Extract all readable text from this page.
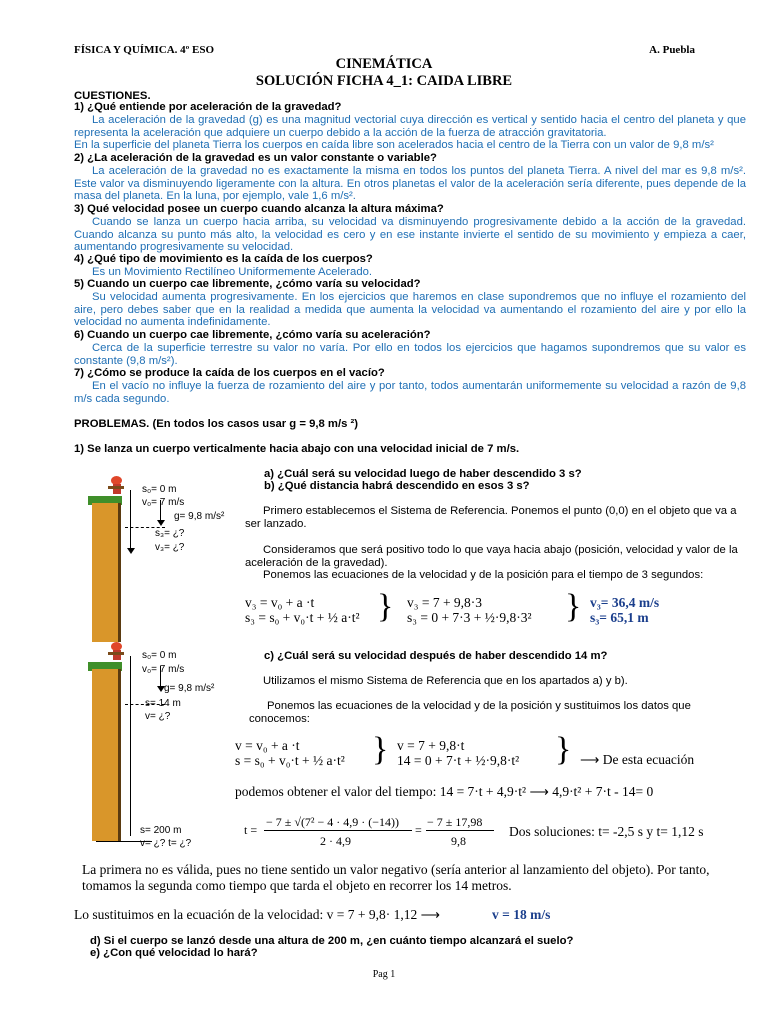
FÍSICA Y QUÍMICA. 4º ESO	A. Puebla
CINEMÁTICA
SOLUCIÓN FICHA 4_1: CAIDA LIBRE
CUESTIONES.
1) ¿Qué entiende por aceleración de la gravedad?
La aceleración de la gravedad (g) es una magnitud vectorial cuya dirección es vertical y sentido hacia el centro del planeta y que representa la aceleración que adquiere un cuerpo debido a la acción de la fuerza de atracción gravitatoria.
En la superficie del planeta Tierra los cuerpos en caída libre son acelerados hacia el centro de la Tierra con un valor de 9,8 m/s²
2) ¿La aceleración de la gravedad es un valor constante o variable?
La aceleración de la gravedad no es exactamente la misma en todos los puntos del planeta Tierra. A nivel del mar es 9,8 m/s². Este valor va disminuyendo ligeramente con la altura. En otros planetas el valor de la aceleración sería diferente, pues depende de la masa del planeta. En la luna, por ejemplo, vale 1,6 m/s².
3) Qué velocidad posee un cuerpo cuando alcanza la altura máxima?
Cuando se lanza un cuerpo hacia arriba, su velocidad va disminuyendo progresivamente debido a la acción de la gravedad. Cuando alcanza su punto más alto, la velocidad es cero y en ese instante invierte el sentido de su movimiento y empieza a caer, aumentando progresivamente su velocidad.
4) ¿Qué tipo de movimiento es la caída de los cuerpos?
Es un Movimiento Rectilíneo Uniformemente Acelerado.
5) Cuando un cuerpo cae libremente, ¿cómo varía su velocidad?
Su velocidad aumenta progresivamente. En los ejercicios que haremos en clase supondremos que no influye el rozamiento del aire, pero debes saber que en la realidad a medida que aumenta la velocidad va aumentando el rozamiento del aire y por ello la velocidad no aumenta indefinidamente.
6) Cuando un cuerpo cae libremente, ¿cómo varía su aceleración?
Cerca de la superficie terrestre su valor no varía. Por ello en todos los ejercicios que hagamos supondremos que su valor es constante (9,8 m/s²).
7) ¿Cómo se produce la caída de los cuerpos en el vacío?
En el vacío no influye la fuerza de rozamiento del aire y por tanto, todos aumentarán uniformemente su velocidad a razón de 9,8 m/s cada segundo.
PROBLEMAS. (En todos los casos usar g = 9,8 m/s ²)
1) Se lanza un cuerpo verticalmente hacia abajo con una velocidad inicial de 7 m/s.
s₀= 0 m
v₀= 7 m/s
g= 9,8 m/s²
s₃= ¿?
v₃= ¿?
a) ¿Cuál será su velocidad luego de haber descendido 3 s?
b) ¿Qué distancia habrá descendido en esos 3 s?
Primero establecemos el Sistema de Referencia. Ponemos el punto (0,0) en el objeto que va a ser lanzado.
Consideramos que será positivo todo lo que vaya hacia abajo (posición, velocidad y valor de la aceleración de la gravedad).
Ponemos las ecuaciones de la velocidad y de la posición para el tiempo de 3 segundos:
v₃ = v₀ + a ·t
s₃ = s₀ + v₀·t + ½ a·t² } v₃ = 7 + 9,8·3
s₃ = 0 + 7·3 + ½·9,8·3² } v₃= 36,4 m/s
s₃= 65,1 m
s₀= 0 m
v₀= 7 m/s
g= 9,8 m/s²
s= 14 m
v= ¿?
s= 200 m
v= ¿? t= ¿?
c) ¿Cuál será su velocidad después de haber descendido 14 m?
Utilizamos el mismo Sistema de Referencia que en los apartados a) y b).
Ponemos las ecuaciones de la velocidad y de la posición y sustituimos los datos que conocemos:
v = v₀ + a ·t
s = s₀ + v₀·t + ½ a·t² } v = 7 + 9,8·t
14 = 0 + 7·t + ½·9,8·t² } ⟶ De esta ecuación
podemos obtener el valor del tiempo: 14 = 7·t + 4,9·t² ⟶ 4,9·t² + 7·t - 14= 0
t =
− 7 ± √(7² − 4 · 4,9 · (−14))
2 · 4,9
=
− 7 ± 17,98
9,8
Dos soluciones: t= -2,5 s y t= 1,12 s
La primera no es válida, pues no tiene sentido un valor negativo (sería anterior al lanzamiento del objeto). Por tanto, tomamos la segunda como tiempo que tarda el objeto en recorrer los 14 metros.
Lo sustituimos en la ecuación de la velocidad: v = 7 + 9,8· 1,12 ⟶	v = 18 m/s
d) Si el cuerpo se lanzó desde una altura de 200 m, ¿en cuánto tiempo alcanzará el suelo?
e) ¿Con qué velocidad lo hará?
Pag 1
